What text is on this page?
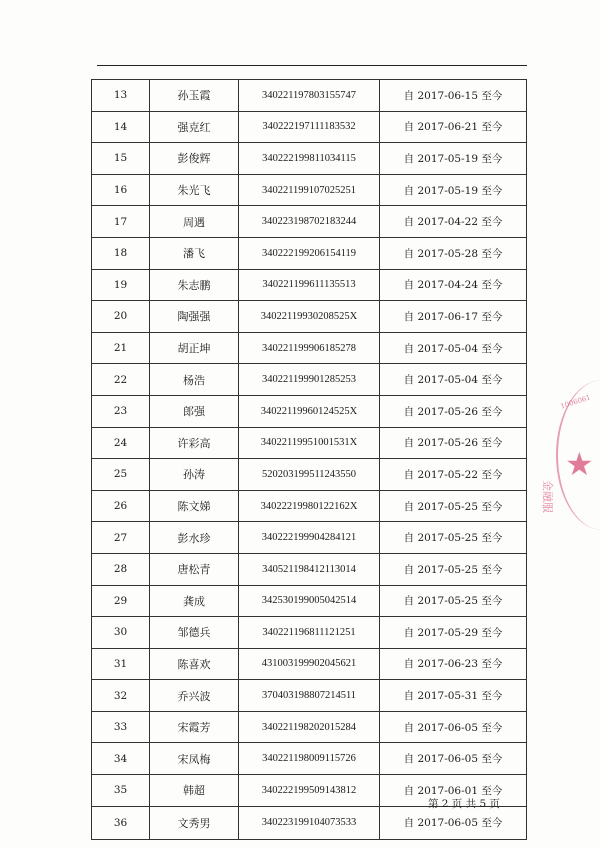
13	孙玉霞	340221197803155747	自 2017-06-15 至今
14	强克红	340222197111183532	自 2017-06-21 至今
15	彭俊辉	340222199811034115	自 2017-05-19 至今
16	朱光飞	340221199107025251	自 2017-05-19 至今
17	周遇	340223198702183244	自 2017-04-22 至今
18	潘飞	340222199206154119	自 2017-05-28 至今
19	朱志鹏	340221199611135513	自 2017-04-24 至今
20	陶强强	34022119930208525X	自 2017-06-17 至今
21	胡正坤	340221199906185278	自 2017-05-04 至今
22	杨浩	340221199901285253	自 2017-05-04 至今
23	郎强	34022119960124525X	自 2017-05-26 至今
24	许彩高	34022119951001531X	自 2017-05-26 至今
25	孙涛	520203199511243550	自 2017-05-22 至今
26	陈文娣	34022219980122162X	自 2017-05-25 至今
27	彭水珍	340222199904284121	自 2017-05-25 至今
28	唐松青	340521198412113014	自 2017-05-25 至今
29	龚成	342530199005042514	自 2017-05-25 至今
30	邹德兵	340221196811121251	自 2017-05-29 至今
31	陈喜欢	431003199902045621	自 2017-06-23 至今
32	乔兴波	370403198807214511	自 2017-05-31 至今
33	宋霞芳	340221198202015284	自 2017-06-05 至今
34	宋凤梅	340221198009115726	自 2017-06-05 至今
35	韩超	340222199509143812	自 2017-06-01 至今
36	文秀男	340223199104073533	自 2017-06-05 至今
第 2 页 共 5 页
1006061
★
金融服
